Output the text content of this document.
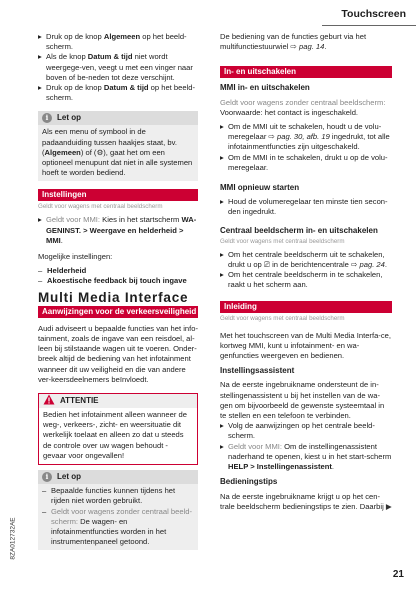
Touchscreen
▸ Druk op de knop Algemeen op het beeld-scherm.
▸ Als de knop Datum & tijd niet wordt weergege-ven, veegt u met een vinger naar boven of be-neden tot deze verschijnt.
▸ Druk op de knop Datum & tijd op het beeld-scherm.
i	Let op
Als een menu of symbool in de padaanduiding tussen haakjes staat, bv. (Algemeen) of (⚙), gaat het om een optioneel menupunt dat niet in alle systemen hoeft te worden bediend.
Instellingen
Geldt voor wagens met centraal beeldscherm
▸ Geldt voor MMI: Kies in het startscherm WA-GENINST. > Weergave en helderheid > MMI.

Mogelijke instellingen:

– Helderheid
– Akoestische feedback bij touch ingave
Multi Media Interface
Aanwijzingen voor de verkeersveiligheid

Audi adviseert u bepaalde functies van het info-tainment, zoals de ingave van een reisdoel, al-leen bij stilstaande wagen uit te voeren. Onder-breek altijd de bediening van het infotainment wanneer dit uw veiligheid en die van andere ver-keersdeelnemers beïnvloedt.

ATTENTIE
Bedien het infotainment alleen wanneer de weg-, verkeers-, zicht- en weersituatie dit werkelijk toelaat en alleen zo dat u steeds de controle over uw wagen behoudt - gevaar voor ongevallen!
i	Let op
– Bepaalde functies kunnen tijdens het rijden niet worden gebruikt.
– Geldt voor wagens zonder centraal beeld-scherm: De wagen- en infotainmentfuncties worden in het instrumentenpaneel getoond.

De bediening van de functies geburt via het multifunctiestuurwiel ⇨ pag. 14.

In- en uitschakelen
MMI in- en uitschakelen

Geldt voor wagens zonder centraal beeldscherm: Voorwaarde: het contact is ingeschakeld.

▸ Om de MMI uit te schakelen, houdt u de volu-meregelaar ⇨ pag. 30, afb. 19 ingedrukt, tot alle infotainmentfuncties zijn uitgeschakeld.
▸ Om de MMI in te schakelen, drukt u op de volu-meregelaar.
MMI opnieuw starten
▸ Houd de volumeregelaar ten minste tien secon-den ingedrukt.
Centraal beeldscherm in- en uitschakelen
Geldt voor wagens met centraal beeldscherm
▸ Om het centrale beeldscherm uit te schakelen, drukt u op ⎚ in de berichtencentrale ⇨ pag. 24.
▸ Om het centrale beeldscherm in te schakelen, raakt u het scherm aan.
Inleiding
Geldt voor wagens met centraal beeldscherm

Met het touchscreen van de Multi Media Interfa-ce, kortweg MMI, kunt u infotainment- en wa-genfuncties weergeven en bedienen.

Instellingsassistent

Na de eerste ingebruikname ondersteunt de in-stellingenassistent u bij het instellen van de wa-gen om bijvoorbeeld de gewenste systeemtaal in te stellen en een telefoon te verbinden.

▸ Volg de aanwijzingen op het centrale beeld-scherm.
▸ Geldt voor MMI: Om de instellingenassistent naderhand te openen, kiest u in het start-scherm HELP > Instellingenassistent.
Bedieningstips

Na de eerste ingebruikname krijgt u op het cen-trale beeldscherm bedieningstips te zien. Daarbij ▶

8ZA012732AE
21
